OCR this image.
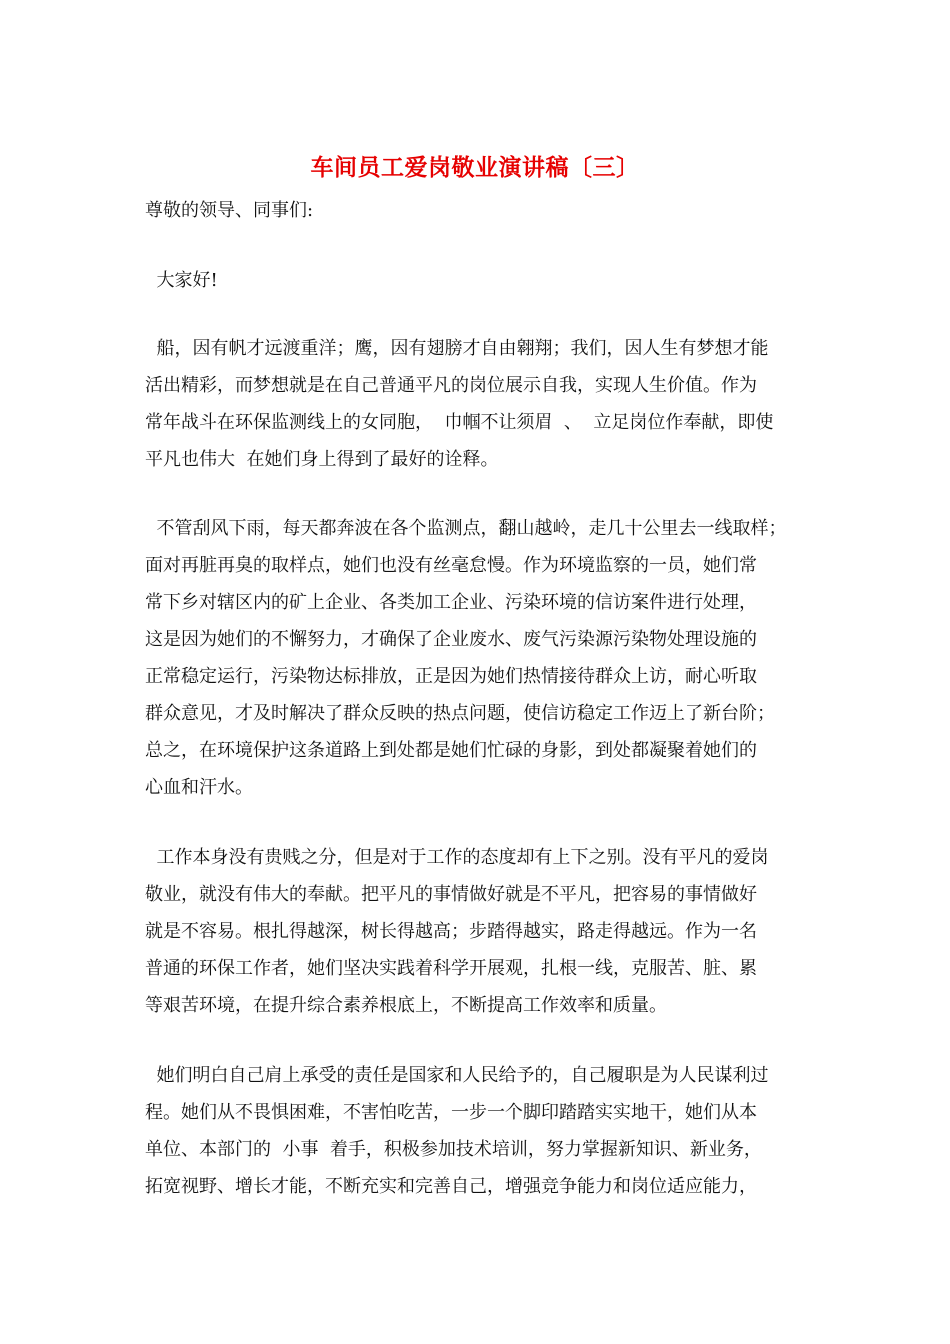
车间员工爱岗敬业演讲稿〔三〕
尊敬的领导、同事们:
大家好!
船，因有帆才远渡重洋；鹰，因有翅膀才自由翱翔；我们，因人生有梦想才能
活出精彩，而梦想就是在自己普通平凡的岗位展示自我，实现人生价值。作为
常年战斗在环保监测线上的女同胞，  巾帼不让须眉  、  立足岗位作奉献，即使
平凡也伟大  在她们身上得到了最好的诠释。
不管刮风下雨，每天都奔波在各个监测点，翻山越岭，走几十公里去一线取样；
面对再脏再臭的取样点，她们也没有丝毫怠慢。作为环境监察的一员，她们常
常下乡对辖区内的矿上企业、各类加工企业、污染环境的信访案件进行处理，
这是因为她们的不懈努力，才确保了企业废水、废气污染源污染物处理设施的
正常稳定运行，污染物达标排放，正是因为她们热情接待群众上访，耐心听取
群众意见，才及时解决了群众反映的热点问题，使信访稳定工作迈上了新台阶；
总之，在环境保护这条道路上到处都是她们忙碌的身影，到处都凝聚着她们的
心血和汗水。
工作本身没有贵贱之分，但是对于工作的态度却有上下之别。没有平凡的爱岗
敬业，就没有伟大的奉献。把平凡的事情做好就是不平凡，把容易的事情做好
就是不容易。根扎得越深，树长得越高；步踏得越实，路走得越远。作为一名
普通的环保工作者，她们坚决实践着科学开展观，扎根一线，克服苦、脏、累
等艰苦环境，在提升综合素养根底上，不断提高工作效率和质量。
她们明白自己肩上承受的责任是国家和人民给予的，自己履职是为人民谋利过
程。她们从不畏惧困难，不害怕吃苦，一步一个脚印踏踏实实地干，她们从本
单位、本部门的  小事  着手，积极参加技术培训，努力掌握新知识、新业务，
拓宽视野、增长才能，不断充实和完善自己，增强竞争能力和岗位适应能力，
